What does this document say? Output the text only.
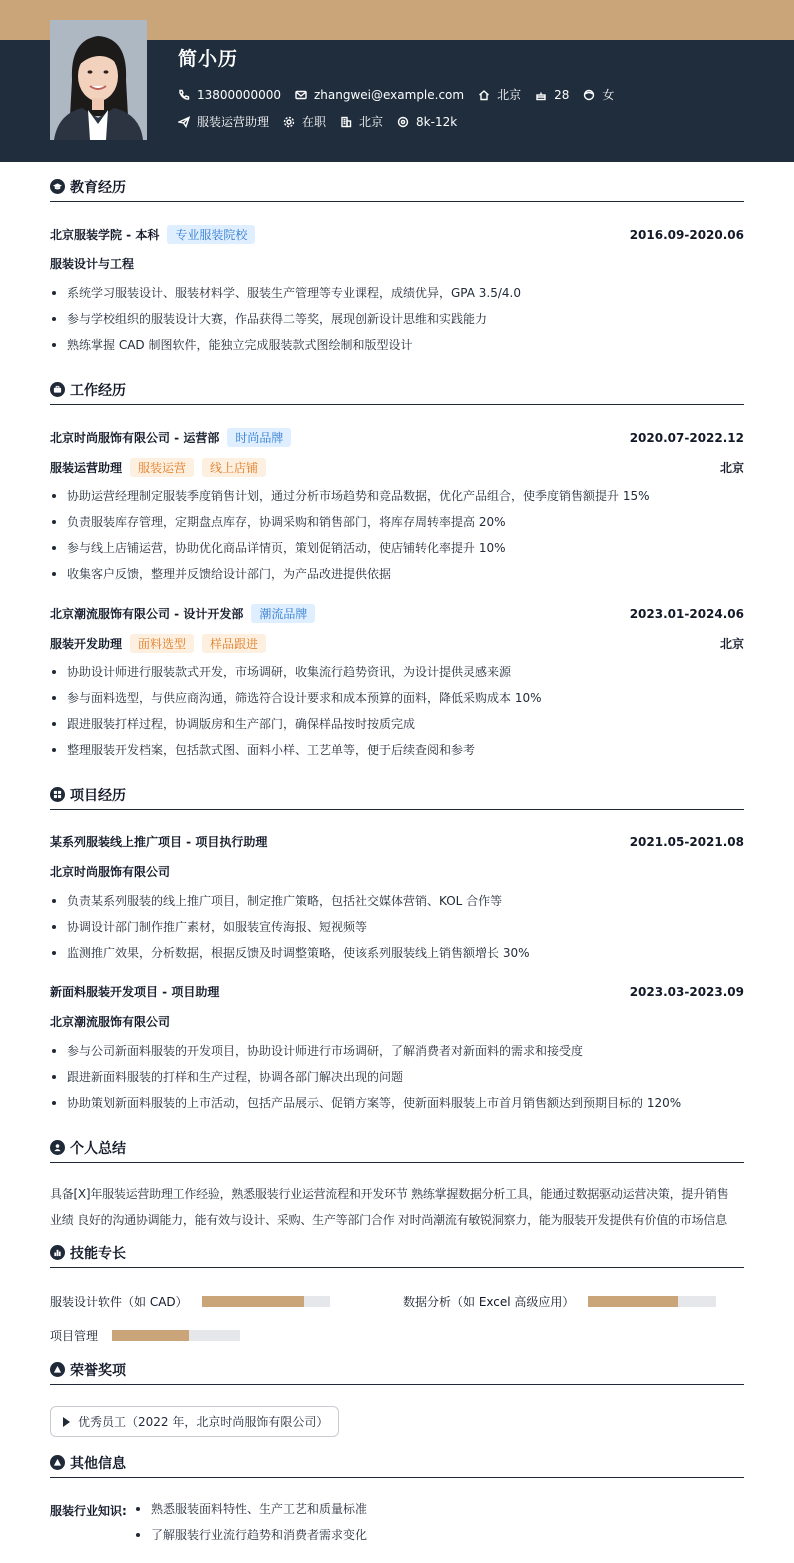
简小历
13800000000	zhangwei@example.com	北京	28	女
服装运营助理	在职	北京	8k-12k
教育经历
北京服装学院 - 本科	专业服装院校	2016.09-2020.06
服装设计与工程
系统学习服装设计、服装材料学、服装生产管理等专业课程，成绩优异，GPA 3.5/4.0
参与学校组织的服装设计大赛，作品获得二等奖，展现创新设计思维和实践能力
熟练掌握 CAD 制图软件，能独立完成服装款式图绘制和版型设计
工作经历
北京时尚服饰有限公司 - 运营部	时尚品牌	2020.07-2022.12
服装运营助理	服装运营	线上店铺	北京
协助运营经理制定服装季度销售计划，通过分析市场趋势和竞品数据，优化产品组合，使季度销售额提升 15%
负责服装库存管理，定期盘点库存，协调采购和销售部门，将库存周转率提高 20%
参与线上店铺运营，协助优化商品详情页，策划促销活动，使店铺转化率提升 10%
收集客户反馈，整理并反馈给设计部门，为产品改进提供依据
北京潮流服饰有限公司 - 设计开发部	潮流品牌	2023.01-2024.06
服装开发助理	面料选型	样品跟进	北京
协助设计师进行服装款式开发，市场调研，收集流行趋势资讯，为设计提供灵感来源
参与面料选型，与供应商沟通，筛选符合设计要求和成本预算的面料，降低采购成本 10%
跟进服装打样过程，协调版房和生产部门，确保样品按时按质完成
整理服装开发档案，包括款式图、面料小样、工艺单等，便于后续查阅和参考
项目经历
某系列服装线上推广项目 - 项目执行助理	2021.05-2021.08
北京时尚服饰有限公司
负责某系列服装的线上推广项目，制定推广策略，包括社交媒体营销、KOL 合作等
协调设计部门制作推广素材，如服装宣传海报、短视频等
监测推广效果，分析数据，根据反馈及时调整策略，使该系列服装线上销售额增长 30%
新面料服装开发项目 - 项目助理	2023.03-2023.09
北京潮流服饰有限公司
参与公司新面料服装的开发项目，协助设计师进行市场调研，了解消费者对新面料的需求和接受度
跟进新面料服装的打样和生产过程，协调各部门解决出现的问题
协助策划新面料服装的上市活动，包括产品展示、促销方案等，使新面料服装上市首月销售额达到预期目标的 120%
个人总结
具备[X]年服装运营助理工作经验，熟悉服装行业运营流程和开发环节 熟练掌握数据分析工具，能通过数据驱动运营决策，提升销售
业绩 良好的沟通协调能力，能有效与设计、采购、生产等部门合作 对时尚潮流有敏锐洞察力，能为服装开发提供有价值的市场信息
技能专长
服装设计软件（如 CAD）	数据分析（如 Excel 高级应用）
项目管理
荣誉奖项
优秀员工（2022 年，北京时尚服饰有限公司）
其他信息
服装行业知识:	熟悉服装面料特性、生产工艺和质量标准
了解服装行业流行趋势和消费者需求变化
